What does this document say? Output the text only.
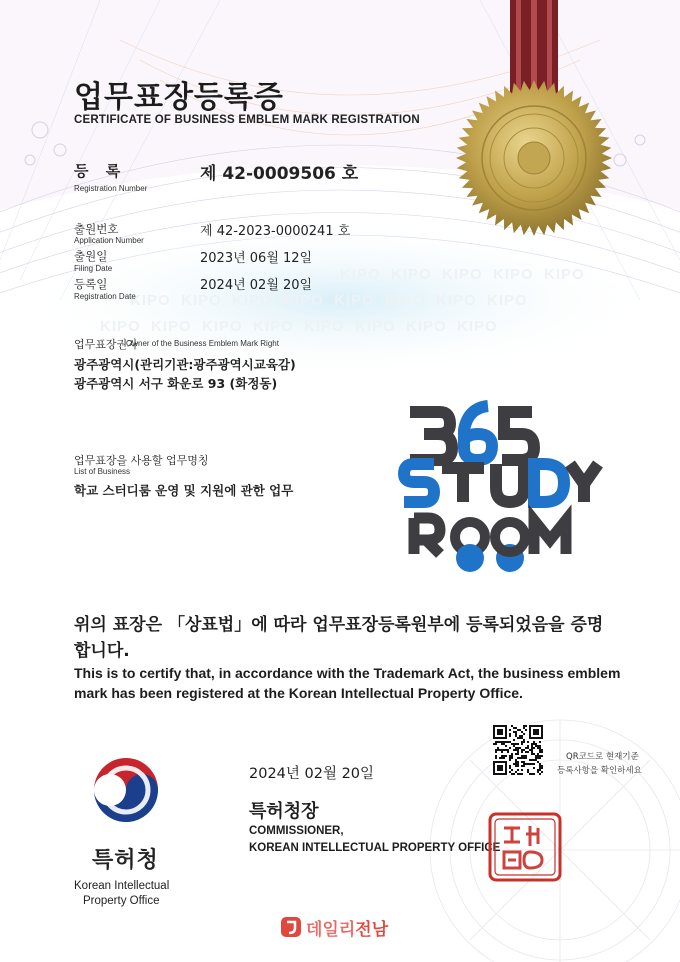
KIPO  KIPO  KIPO  KIPO  KIPO
KIPO  KIPO  KIPO  KIPO  KIPO  KIPO  KIPO  KIPO
KIPO  KIPO  KIPO  KIPO  KIPO  KIPO  KIPO  KIPO
업무표장등록증
CERTIFICATE OF BUSINESS EMBLEM MARK REGISTRATION
등 록
Registration Number
제 42-0009506 호
출원번호
Application Number
제 42-2023-0000241 호
출원일
Filing Date
2023년 06월 12일
등록일
Registration Date
2024년 02월 20일
업무표장권자
Owner of the Business Emblem Mark Right
광주광역시(관리기관:광주광역시교육감)
광주광역시 서구 화운로 93 (화정동)
업무표장을 사용할 업무명칭
List of Business
학교 스터디룸 운영 및 지원에 관한 업무
위의 표장은 「상표법」에 따라 업무표장등록원부에 등록되었음을 증명합니다.
This is to certify that, in accordance with the Trademark Act, the business emblem mark has been registered at the Korean Intellectual Property Office.
특허청
Korean Intellectual
Property Office
2024년 02월 20일
특허청장
COMMISSIONER,
KOREAN INTELLECTUAL PROPERTY OFFICE
QR코드로 현재기준
등록사항을 확인하세요
데일리전남
